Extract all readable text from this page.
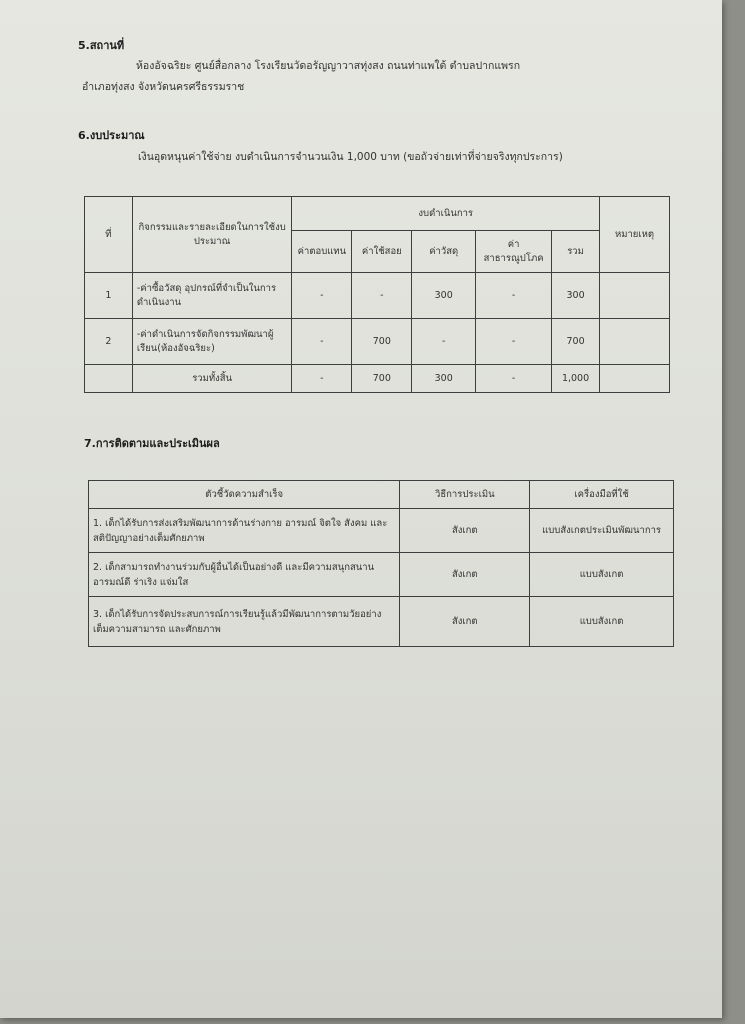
5.สถานที่
ห้องอัจฉริยะ ศูนย์สื่อกลาง โรงเรียนวัดอรัญญาวาสทุ่งสง ถนนท่าแพใต้ ตำบลปากแพรก
อำเภอทุ่งสง จังหวัดนครศรีธรรมราช
6.งบประมาณ
เงินอุดหนุนค่าใช้จ่าย งบดำเนินการจำนวนเงิน 1,000 บาท (ขอถัวจ่ายเท่าที่จ่ายจริงทุกประการ)
ที่	กิจกรรมและรายละเอียดในการใช้งบประมาณ	งบดำเนินการ					หมายเหตุ
		ค่าตอบแทน	ค่าใช้สอย	ค่าวัสดุ	ค่าสาธารณูปโภค	รวม	
1	-ค่าซื้อวัสดุ อุปกรณ์ที่จำเป็นในการดำเนินงาน	-	-	300	-	300	
2	-ค่าดำเนินการจัดกิจกรรมพัฒนาผู้เรียน(ห้องอัจฉริยะ)	-	700	-	-	700	
	รวมทั้งสิ้น	-	700	300	-	1,000	
7.การติดตามและประเมินผล
ตัวชี้วัดความสำเร็จ	วิธีการประเมิน	เครื่องมือที่ใช้
1. เด็กได้รับการส่งเสริมพัฒนาการด้านร่างกาย อารมณ์ จิตใจ สังคม และสติปัญญาอย่างเต็มศักยภาพ	สังเกต	แบบสังเกตประเมินพัฒนาการ
2. เด็กสามารถทำงานร่วมกับผู้อื่นได้เป็นอย่างดี และมีความสนุกสนาน อารมณ์ดี ร่าเริง แจ่มใส	สังเกต	แบบสังเกต
3. เด็กได้รับการจัดประสบการณ์การเรียนรู้แล้วมีพัฒนาการตามวัยอย่างเต็มความสามารถ และศักยภาพ	สังเกต	แบบสังเกต
